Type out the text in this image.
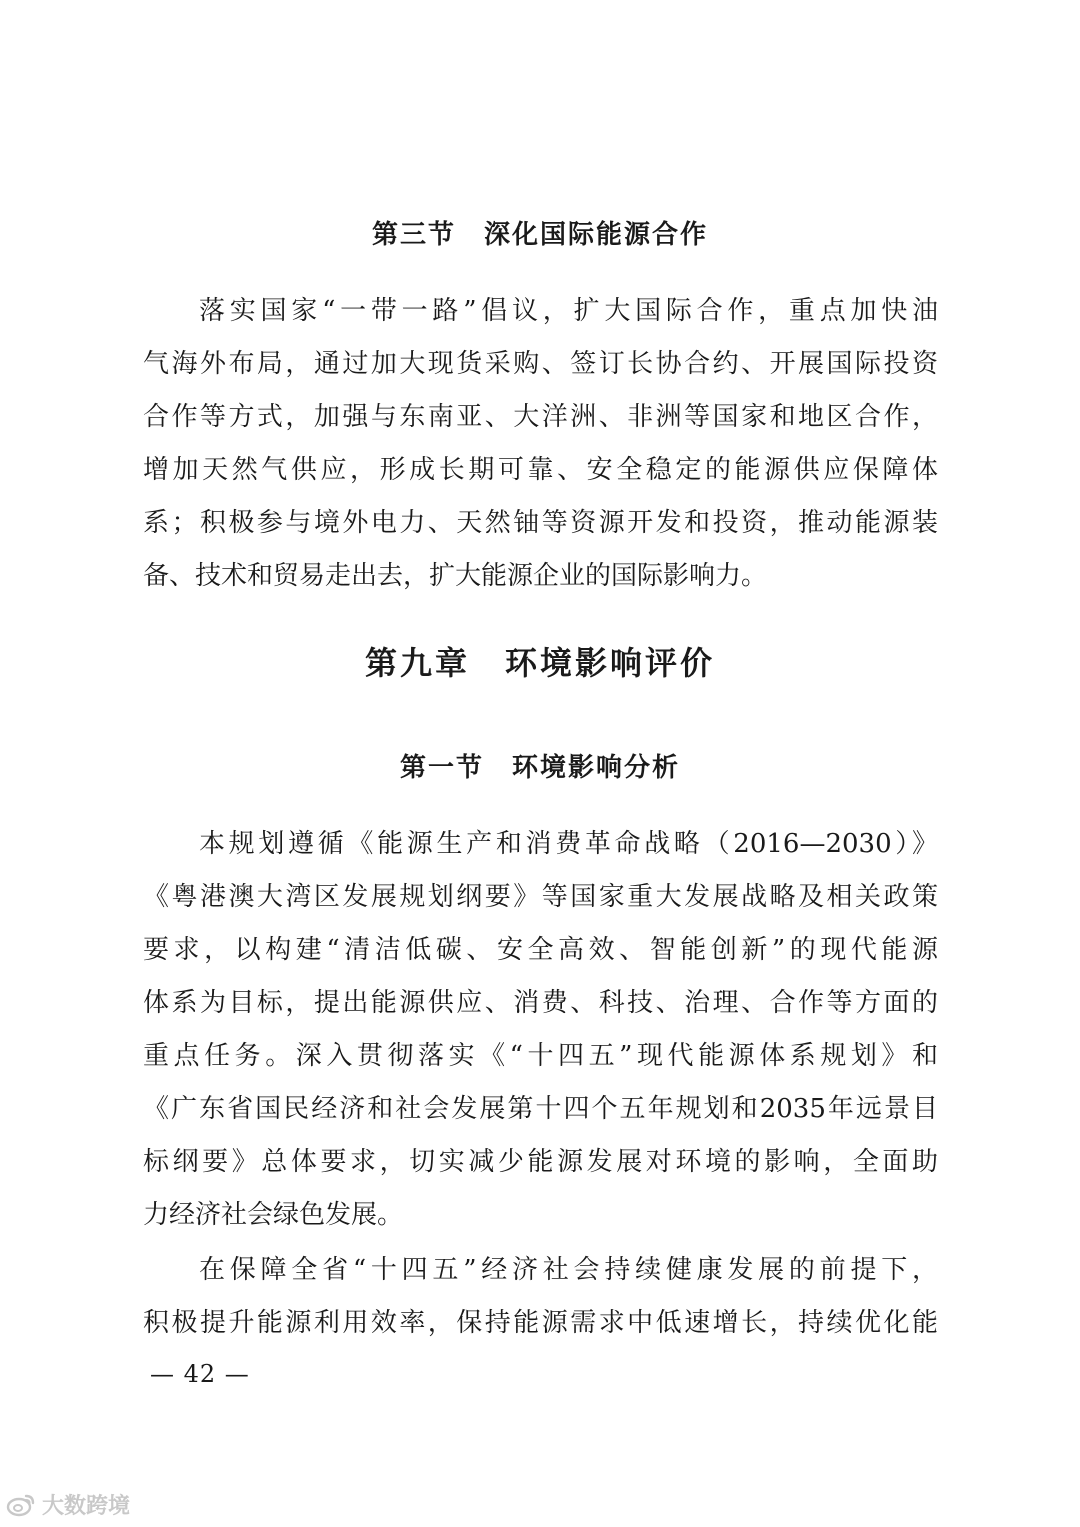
第三节　深化国际能源合作
落实国家“一带一路”倡议，扩大国际合作，重点加快油
气海外布局，通过加大现货采购、签订长协合约、开展国际投资
合作等方式，加强与东南亚、大洋洲、非洲等国家和地区合作，
增加天然气供应，形成长期可靠、安全稳定的能源供应保障体
系；积极参与境外电力、天然铀等资源开发和投资，推动能源装
备、技术和贸易走出去，扩大能源企业的国际影响力。
第九章　环境影响评价
第一节　环境影响分析
本规划遵循《能源生产和消费革命战略（2016—2030）》
《粤港澳大湾区发展规划纲要》等国家重大发展战略及相关政策
要求，以构建“清洁低碳、安全高效、智能创新”的现代能源
体系为目标，提出能源供应、消费、科技、治理、合作等方面的
重点任务。深入贯彻落实《“十四五”现代能源体系规划》和
《广东省国民经济和社会发展第十四个五年规划和2035年远景目
标纲要》总体要求，切实减少能源发展对环境的影响，全面助
力经济社会绿色发展。
在保障全省“十四五”经济社会持续健康发展的前提下，
积极提升能源利用效率，保持能源需求中低速增长，持续优化能
— 42 —
大数跨境
